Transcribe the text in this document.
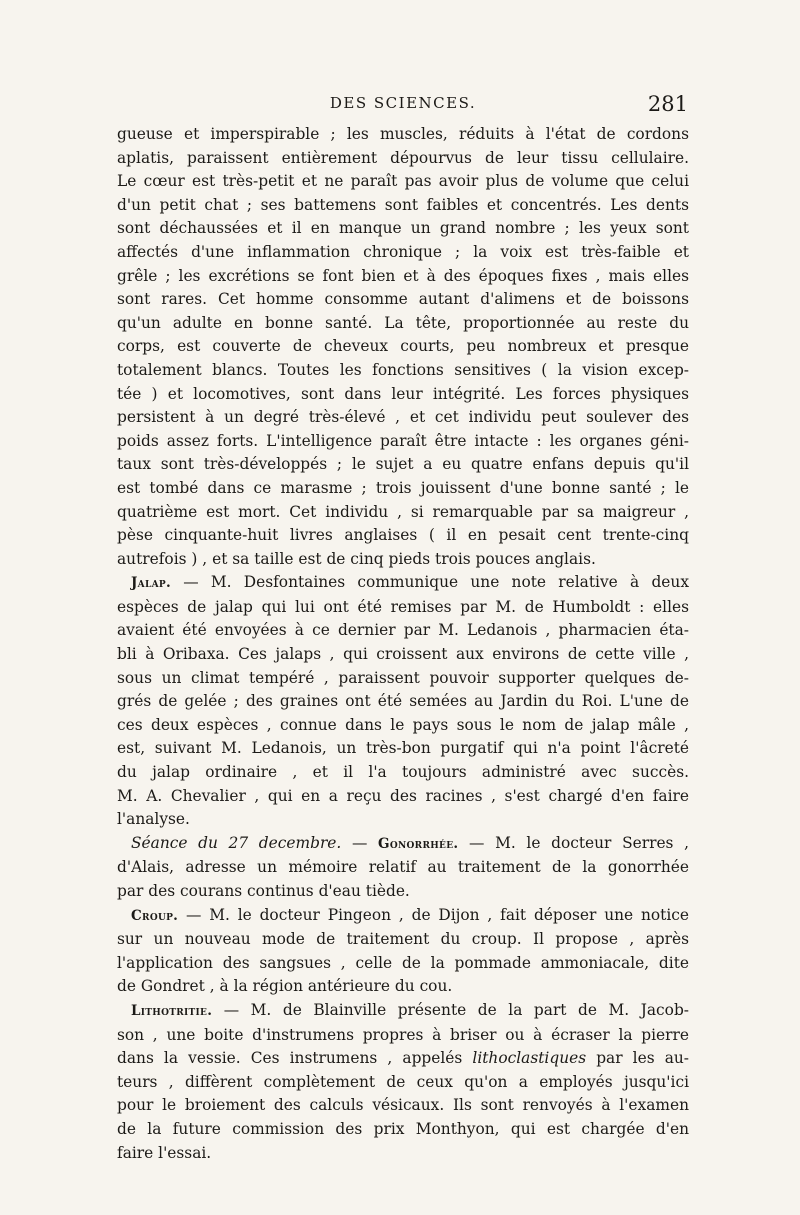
DES SCIENCES.	281

gueuse et imperspirable ; les muscles, réduits à l'état de cordons
aplatis, paraissent entièrement dépourvus de leur tissu cellulaire.
Le cœur est très-petit et ne paraît pas avoir plus de volume que celui
d'un petit chat ; ses battemens sont faibles et concentrés. Les dents
sont déchaussées et il en manque un grand nombre ; les yeux sont
affectés d'une inflammation chronique ; la voix est très-faible et
grêle ; les excrétions se font bien et à des époques fixes , mais elles
sont rares. Cet homme consomme autant d'alimens et de boissons
qu'un adulte en bonne santé. La tête, proportionnée au reste du
corps, est couverte de cheveux courts, peu nombreux et presque
totalement blancs. Toutes les fonctions sensitives ( la vision excep-
tée ) et locomotives, sont dans leur intégrité. Les forces physiques
persistent à un degré très-élevé , et cet individu peut soulever des
poids assez forts. L'intelligence paraît être intacte : les organes géni-
taux sont très-développés ; le sujet a eu quatre enfans depuis qu'il
est tombé dans ce marasme ; trois jouissent d'une bonne santé ; le
quatrième est mort. Cet individu , si remarquable par sa maigreur ,
pèse cinquante-huit livres anglaises ( il en pesait cent trente-cinq
autrefois ) , et sa taille est de cinq pieds trois pouces anglais.

Jalap. — M. Desfontaines communique une note relative à deux
espèces de jalap qui lui ont été remises par M. de Humboldt : elles
avaient été envoyées à ce dernier par M. Ledanois , pharmacien éta-
bli à Oribaxa. Ces jalaps , qui croissent aux environs de cette ville ,
sous un climat tempéré , paraissent pouvoir supporter quelques de-
grés de gelée ; des graines ont été semées au Jardin du Roi. L'une de
ces deux espèces , connue dans le pays sous le nom de jalap mâle ,
est, suivant M. Ledanois, un très-bon purgatif qui n'a point l'âcreté
du jalap ordinaire , et il l'a toujours administré avec succès.
M. A. Chevalier , qui en a reçu des racines , s'est chargé d'en faire
l'analyse.

Séance du 27 decembre. — Gonorrhée. — M. le docteur Serres ,
d'Alais, adresse un mémoire relatif au traitement de la gonorrhée
par des courans continus d'eau tiède.

Croup. — M. le docteur Pingeon , de Dijon , fait déposer une notice
sur un nouveau mode de traitement du croup. Il propose , après
l'application des sangsues , celle de la pommade ammoniacale, dite
de Gondret , à la région antérieure du cou.

Lithotritie. — M. de Blainville présente de la part de M. Jacob-
son , une boite d'instrumens propres à briser ou à écraser la pierre
dans la vessie. Ces instrumens , appelés lithoclastiques par les au-
teurs , diffèrent complètement de ceux qu'on a employés jusqu'ici
pour le broiement des calculs vésicaux. Ils sont renvoyés à l'examen
de la future commission des prix Monthyon, qui est chargée d'en
faire l'essai.
